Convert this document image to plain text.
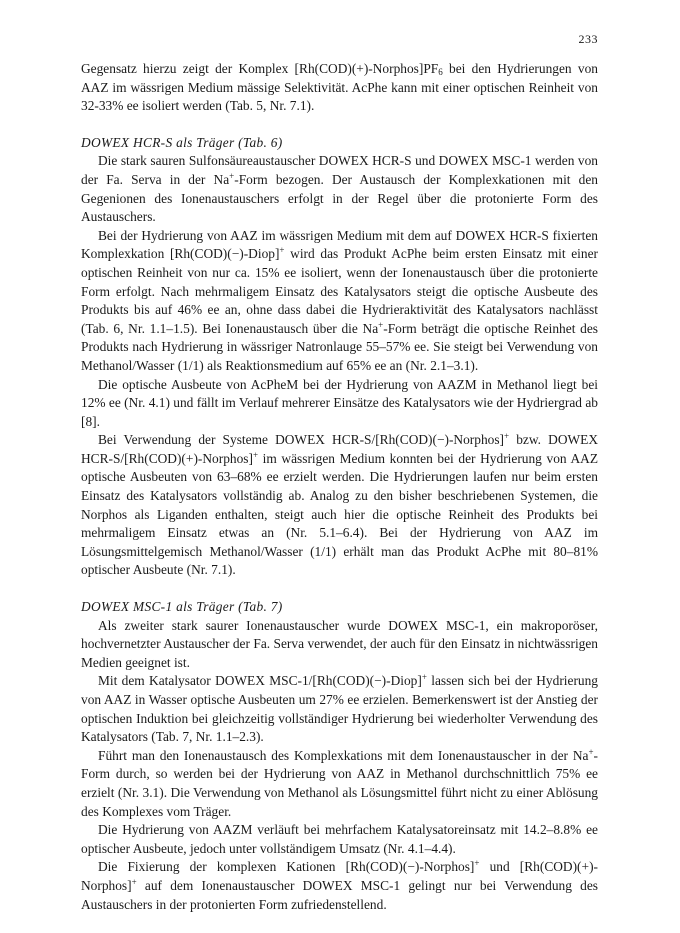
233

Gegensatz hierzu zeigt der Komplex $[Rh(COD)(+)-Norphos]PF_6$ bei den Hydrierungen von AAZ im wässrigen Medium mässige Selektivität. AcPhe kann mit einer optischen Reinheit von 32-33% ee isoliert werden (Tab. 5, Nr. 7.1).

DOWEX HCR-S als Träger (Tab. 6)

Die stark sauren Sulfonsäureaustauscher DOWEX HCR-S und DOWEX MSC-1 werden von der Fa. Serva in der Na+-Form bezogen. Der Austausch der Komplexkationen mit den Gegenionen des Ionenaustauschers erfolgt in der Regel über die protonierte Form des Austauschers.

Bei der Hydrierung von AAZ im wässrigen Medium mit dem auf DOWEX HCR-S fixierten Komplexkation [Rh(COD)(−)-Diop]+ wird das Produkt AcPhe beim ersten Einsatz mit einer optischen Reinheit von nur ca. 15% ee isoliert, wenn der Ionenaustausch über die protonierte Form erfolgt. Nach mehrmaligem Einsatz des Katalysators steigt die optische Ausbeute des Produkts bis auf 46% ee an, ohne dass dabei die Hydrieraktivität des Katalysators nachlässt (Tab. 6, Nr. 1.1–1.5). Bei Ionenaustausch über die Na+-Form beträgt die optische Reinhet des Produkts nach Hydrierung in wässriger Natronlauge 55–57% ee. Sie steigt bei Verwendung von Methanol/Wasser (1/1) als Reaktionsmedium auf 65% ee an (Nr. 2.1–3.1).

Die optische Ausbeute von AcPheM bei der Hydrierung von AAZM in Methanol liegt bei 12% ee (Nr. 4.1) und fällt im Verlauf mehrerer Einsätze des Katalysators wie der Hydriergrad ab [8].

Bei Verwendung der Systeme DOWEX HCR-S/[Rh(COD)(−)-Norphos]+ bzw. DOWEX HCR-S/[Rh(COD)(+)-Norphos]+ im wässrigen Medium konnten bei der Hydrierung von AAZ optische Ausbeuten von 63–68% ee erzielt werden. Die Hydrierungen laufen nur beim ersten Einsatz des Katalysators vollständig ab. Analog zu den bisher beschriebenen Systemen, die Norphos als Liganden enthalten, steigt auch hier die optische Reinheit des Produkts bei mehrmaligem Einsatz etwas an (Nr. 5.1–6.4). Bei der Hydrierung von AAZ im Lösungsmittelgemisch Methanol/Wasser (1/1) erhält man das Produkt AcPhe mit 80–81% optischer Ausbeute (Nr. 7.1).

DOWEX MSC-1 als Träger (Tab. 7)

Als zweiter stark saurer Ionenaustauscher wurde DOWEX MSC-1, ein makroporöser, hochvernetzter Austauscher der Fa. Serva verwendet, der auch für den Einsatz in nichtwässrigen Medien geeignet ist.

Mit dem Katalysator DOWEX MSC-1/[Rh(COD)(−)-Diop]+ lassen sich bei der Hydrierung von AAZ in Wasser optische Ausbeuten um 27% ee erzielen. Bemerkenswert ist der Anstieg der optischen Induktion bei gleichzeitig vollständiger Hydrierung bei wiederholter Verwendung des Katalysators (Tab. 7, Nr. 1.1–2.3).

Führt man den Ionenaustausch des Komplexkations mit dem Ionenaustauscher in der Na+-Form durch, so werden bei der Hydrierung von AAZ in Methanol durchschnittlich 75% ee erzielt (Nr. 3.1). Die Verwendung von Methanol als Lösungsmittel führt nicht zu einer Ablösung des Komplexes vom Träger.

Die Hydrierung von AAZM verläuft bei mehrfachem Katalysatoreinsatz mit 14.2–8.8% ee optischer Ausbeute, jedoch unter vollständigem Umsatz (Nr. 4.1–4.4).

Die Fixierung der komplexen Kationen [Rh(COD)(−)-Norphos]+ und [Rh(COD)(+)-Norphos]+ auf dem Ionenaustauscher DOWEX MSC-1 gelingt nur bei Verwendung des Austauschers in der protonierten Form zufriedenstellend.
